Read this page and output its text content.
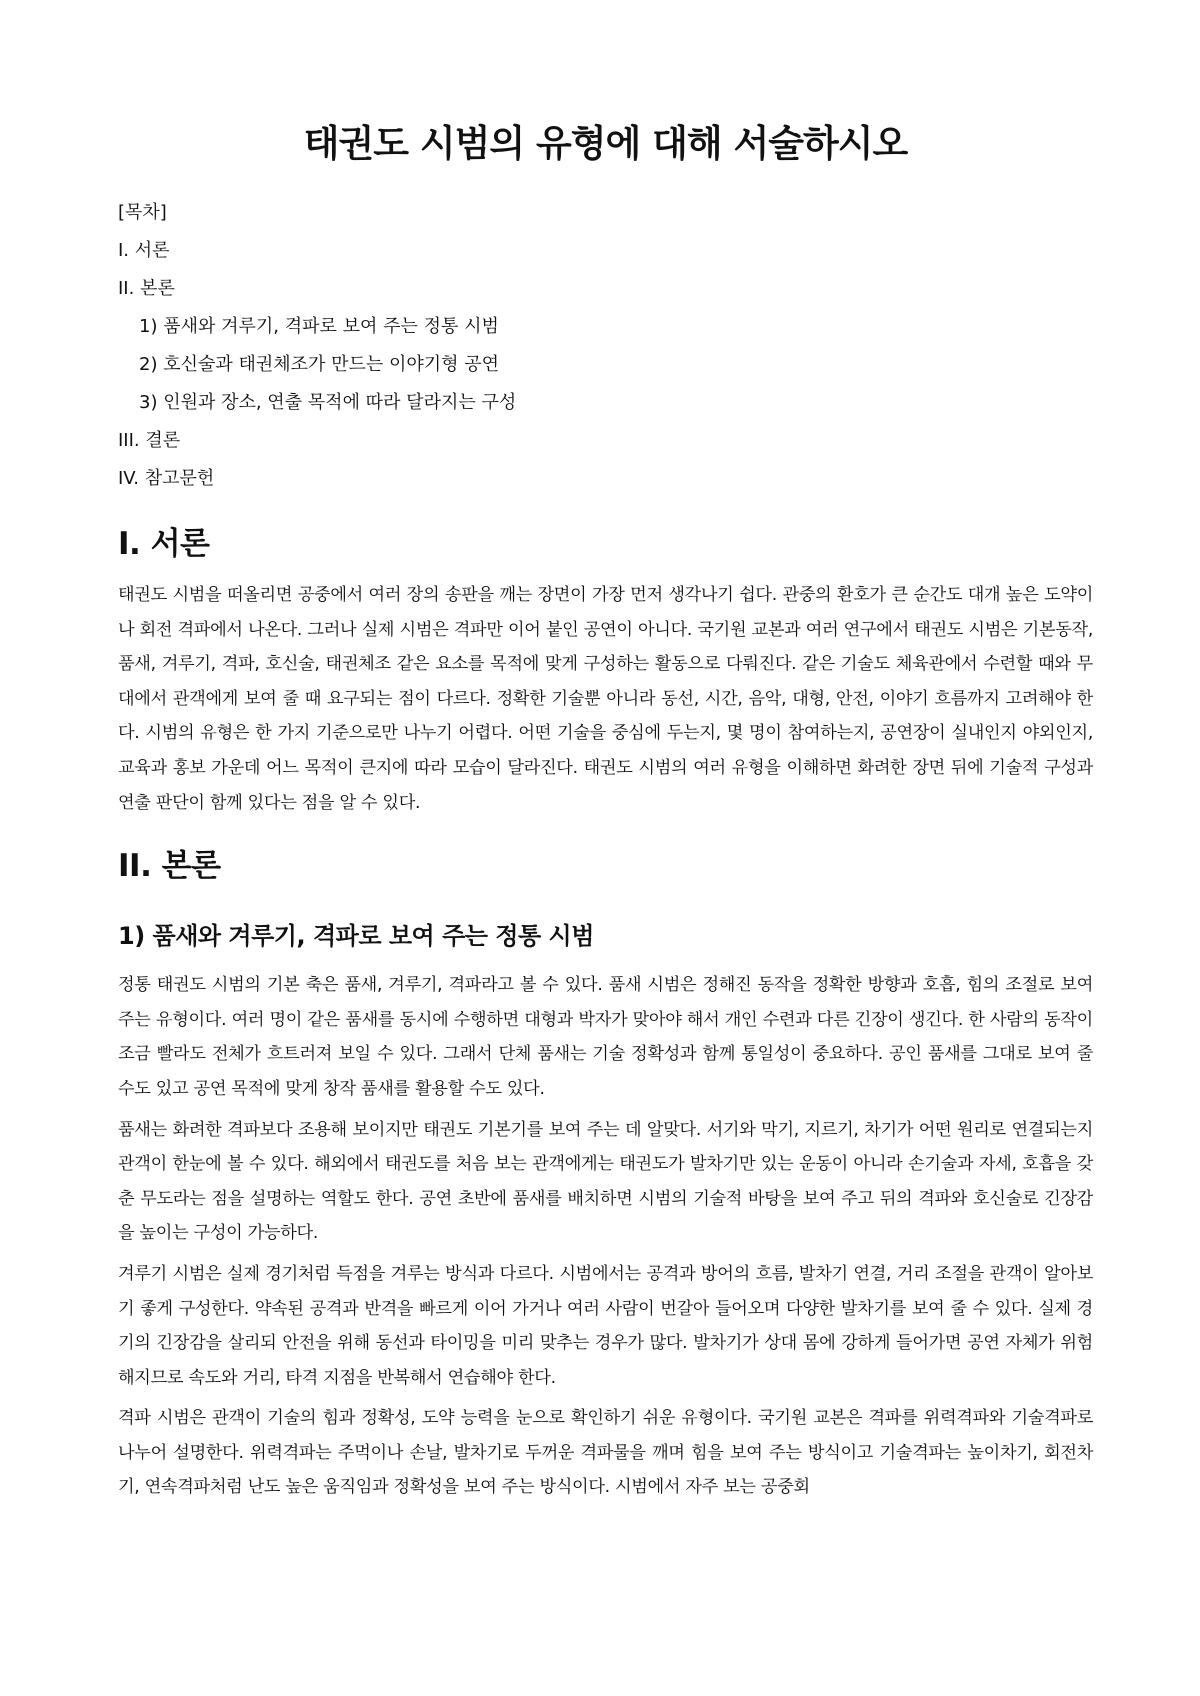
태권도 시범의 유형에 대해 서술하시오
[목차]
I. 서론
II. 본론
1) 품새와 겨루기, 격파로 보여 주는 정통 시범
2) 호신술과 태권체조가 만드는 이야기형 공연
3) 인원과 장소, 연출 목적에 따라 달라지는 구성
III. 결론
IV. 참고문헌
I. 서론

태권도 시범을 떠올리면 공중에서 여러 장의 송판을 깨는 장면이 가장 먼저 생각나기 쉽다. 관중의 환호가 큰 순간도 대개 높은 도약이나 회전 격파에서 나온다. 그러나 실제 시범은 격파만 이어 붙인 공연이 아니다. 국기원 교본과 여러 연구에서 태권도 시범은 기본동작, 품새, 겨루기, 격파, 호신술, 태권체조 같은 요소를 목적에 맞게 구성하는 활동으로 다뤄진다. 같은 기술도 체육관에서 수련할 때와 무대에서 관객에게 보여 줄 때 요구되는 점이 다르다. 정확한 기술뿐 아니라 동선, 시간, 음악, 대형, 안전, 이야기 흐름까지 고려해야 한다. 시범의 유형은 한 가지 기준으로만 나누기 어렵다. 어떤 기술을 중심에 두는지, 몇 명이 참여하는지, 공연장이 실내인지 야외인지, 교육과 홍보 가운데 어느 목적이 큰지에 따라 모습이 달라진다. 태권도 시범의 여러 유형을 이해하면 화려한 장면 뒤에 기술적 구성과 연출 판단이 함께 있다는 점을 알 수 있다.

II. 본론
1) 품새와 겨루기, 격파로 보여 주는 정통 시범

정통 태권도 시범의 기본 축은 품새, 겨루기, 격파라고 볼 수 있다. 품새 시범은 정해진 동작을 정확한 방향과 호흡, 힘의 조절로 보여 주는 유형이다. 여러 명이 같은 품새를 동시에 수행하면 대형과 박자가 맞아야 해서 개인 수련과 다른 긴장이 생긴다. 한 사람의 동작이 조금 빨라도 전체가 흐트러져 보일 수 있다. 그래서 단체 품새는 기술 정확성과 함께 통일성이 중요하다. 공인 품새를 그대로 보여 줄 수도 있고 공연 목적에 맞게 창작 품새를 활용할 수도 있다.

품새는 화려한 격파보다 조용해 보이지만 태권도 기본기를 보여 주는 데 알맞다. 서기와 막기, 지르기, 차기가 어떤 원리로 연결되는지 관객이 한눈에 볼 수 있다. 해외에서 태권도를 처음 보는 관객에게는 태권도가 발차기만 있는 운동이 아니라 손기술과 자세, 호흡을 갖춘 무도라는 점을 설명하는 역할도 한다. 공연 초반에 품새를 배치하면 시범의 기술적 바탕을 보여 주고 뒤의 격파와 호신술로 긴장감을 높이는 구성이 가능하다.

겨루기 시범은 실제 경기처럼 득점을 겨루는 방식과 다르다. 시범에서는 공격과 방어의 흐름, 발차기 연결, 거리 조절을 관객이 알아보기 좋게 구성한다. 약속된 공격과 반격을 빠르게 이어 가거나 여러 사람이 번갈아 들어오며 다양한 발차기를 보여 줄 수 있다. 실제 경기의 긴장감을 살리되 안전을 위해 동선과 타이밍을 미리 맞추는 경우가 많다. 발차기가 상대 몸에 강하게 들어가면 공연 자체가 위험해지므로 속도와 거리, 타격 지점을 반복해서 연습해야 한다.

격파 시범은 관객이 기술의 힘과 정확성, 도약 능력을 눈으로 확인하기 쉬운 유형이다. 국기원 교본은 격파를 위력격파와 기술격파로 나누어 설명한다. 위력격파는 주먹이나 손날, 발차기로 두꺼운 격파물을 깨며 힘을 보여 주는 방식이고 기술격파는 높이차기, 회전차기, 연속격파처럼 난도 높은 움직임과 정확성을 보여 주는 방식이다. 시범에서 자주 보는 공중회
